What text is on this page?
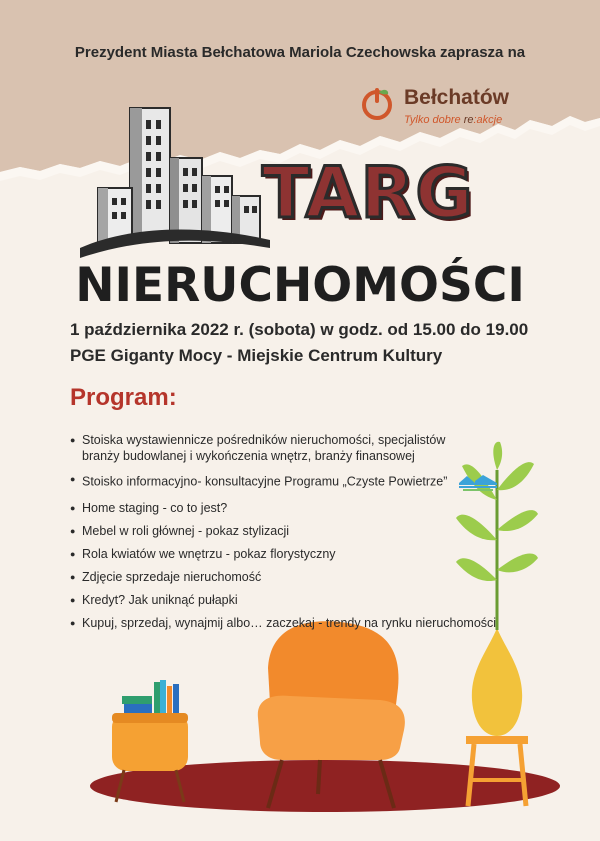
Prezydent Miasta Bełchatowa Mariola Czechowska zaprasza na
Bełchatów
Tylko dobre re:akcje
TARG
NIERUCHOMOŚCI
1 października 2022 r. (sobota) w godz. od 15.00 do 19.00
PGE Giganty Mocy - Miejskie Centrum Kultury
Program:
● Stoiska wystawiennicze pośredników nieruchomości, specjalistów
branży budowlanej i wykończenia wnętrz, branży finansowej
● Stoisko informacyjno- konsultacyjne Programu „Czyste Powietrze”
● Home staging - co to jest?
● Mebel w roli głównej - pokaz stylizacji
● Rola kwiatów we wnętrzu - pokaz florystyczny
● Zdjęcie sprzedaje nieruchomość
● Kredyt? Jak uniknąć pułapki
● Kupuj, sprzedaj, wynajmij albo… zaczekaj - trendy na rynku nieruchomości
